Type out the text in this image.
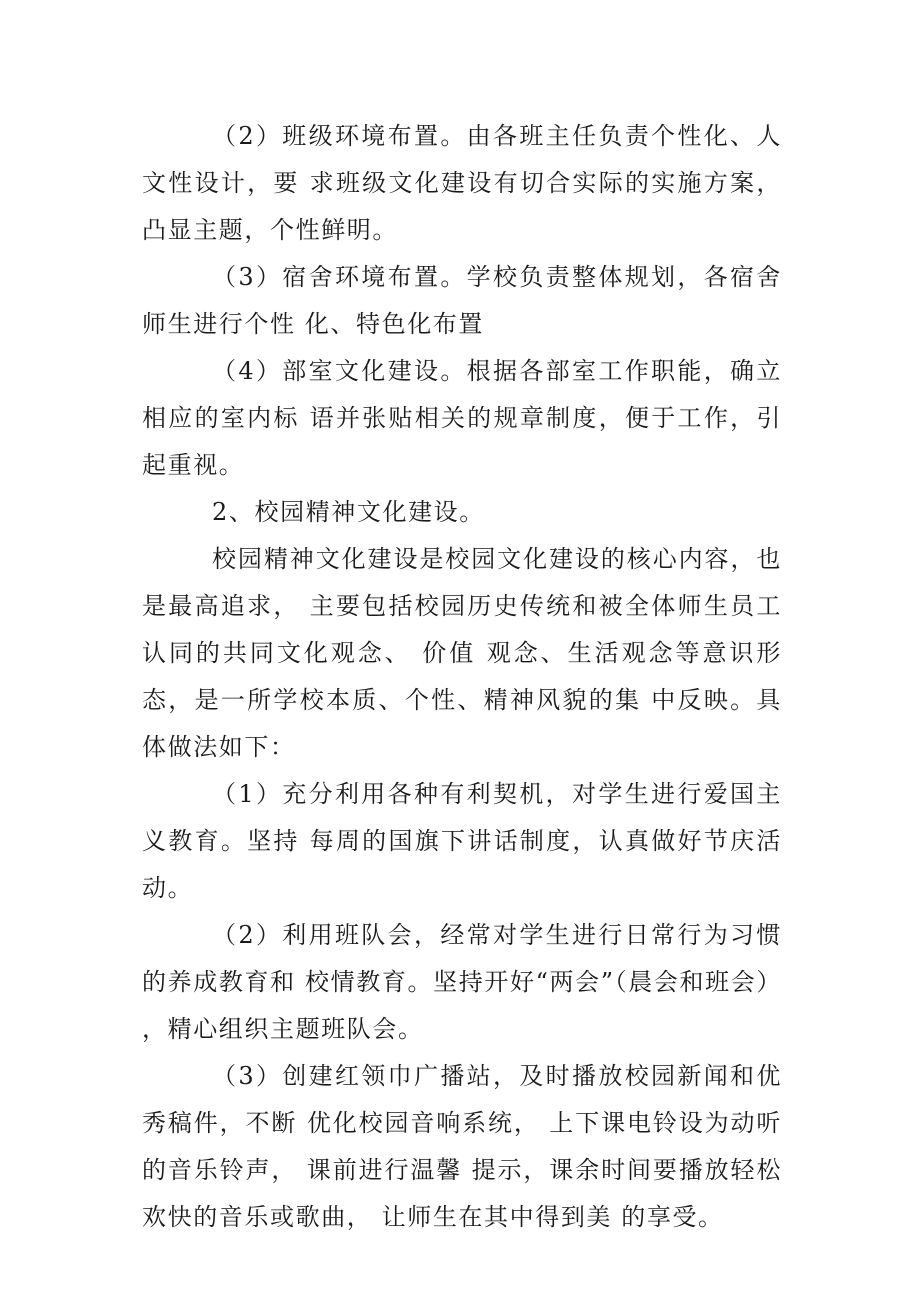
（2）班级环境布置。由各班主任负责个性化、人文性设计，要 求班级文化建设有切合实际的实施方案，凸显主题，个性鲜明。

（3）宿舍环境布置。学校负责整体规划，各宿舍师生进行个性 化、特色化布置

（4）部室文化建设。根据各部室工作职能，确立相应的室内标 语并张贴相关的规章制度，便于工作，引起重视。

2、校园精神文化建设。

校园精神文化建设是校园文化建设的核心内容，也是最高追求， 主要包括校园历史传统和被全体师生员工认同的共同文化观念、 价值 观念、生活观念等意识形态，是一所学校本质、个性、精神风貌的集 中反映。具体做法如下：

（1）充分利用各种有利契机，对学生进行爱国主义教育。坚持 每周的国旗下讲话制度，认真做好节庆活动。

（2）利用班队会，经常对学生进行日常行为习惯的养成教育和 校情教育。坚持开好“两会”（晨会和班会） ，精心组织主题班队会。

（3）创建红领巾广播站，及时播放校园新闻和优秀稿件，不断 优化校园音响系统， 上下课电铃设为动听的音乐铃声， 课前进行温馨 提示，课余时间要播放轻松欢快的音乐或歌曲， 让师生在其中得到美 的享受。
